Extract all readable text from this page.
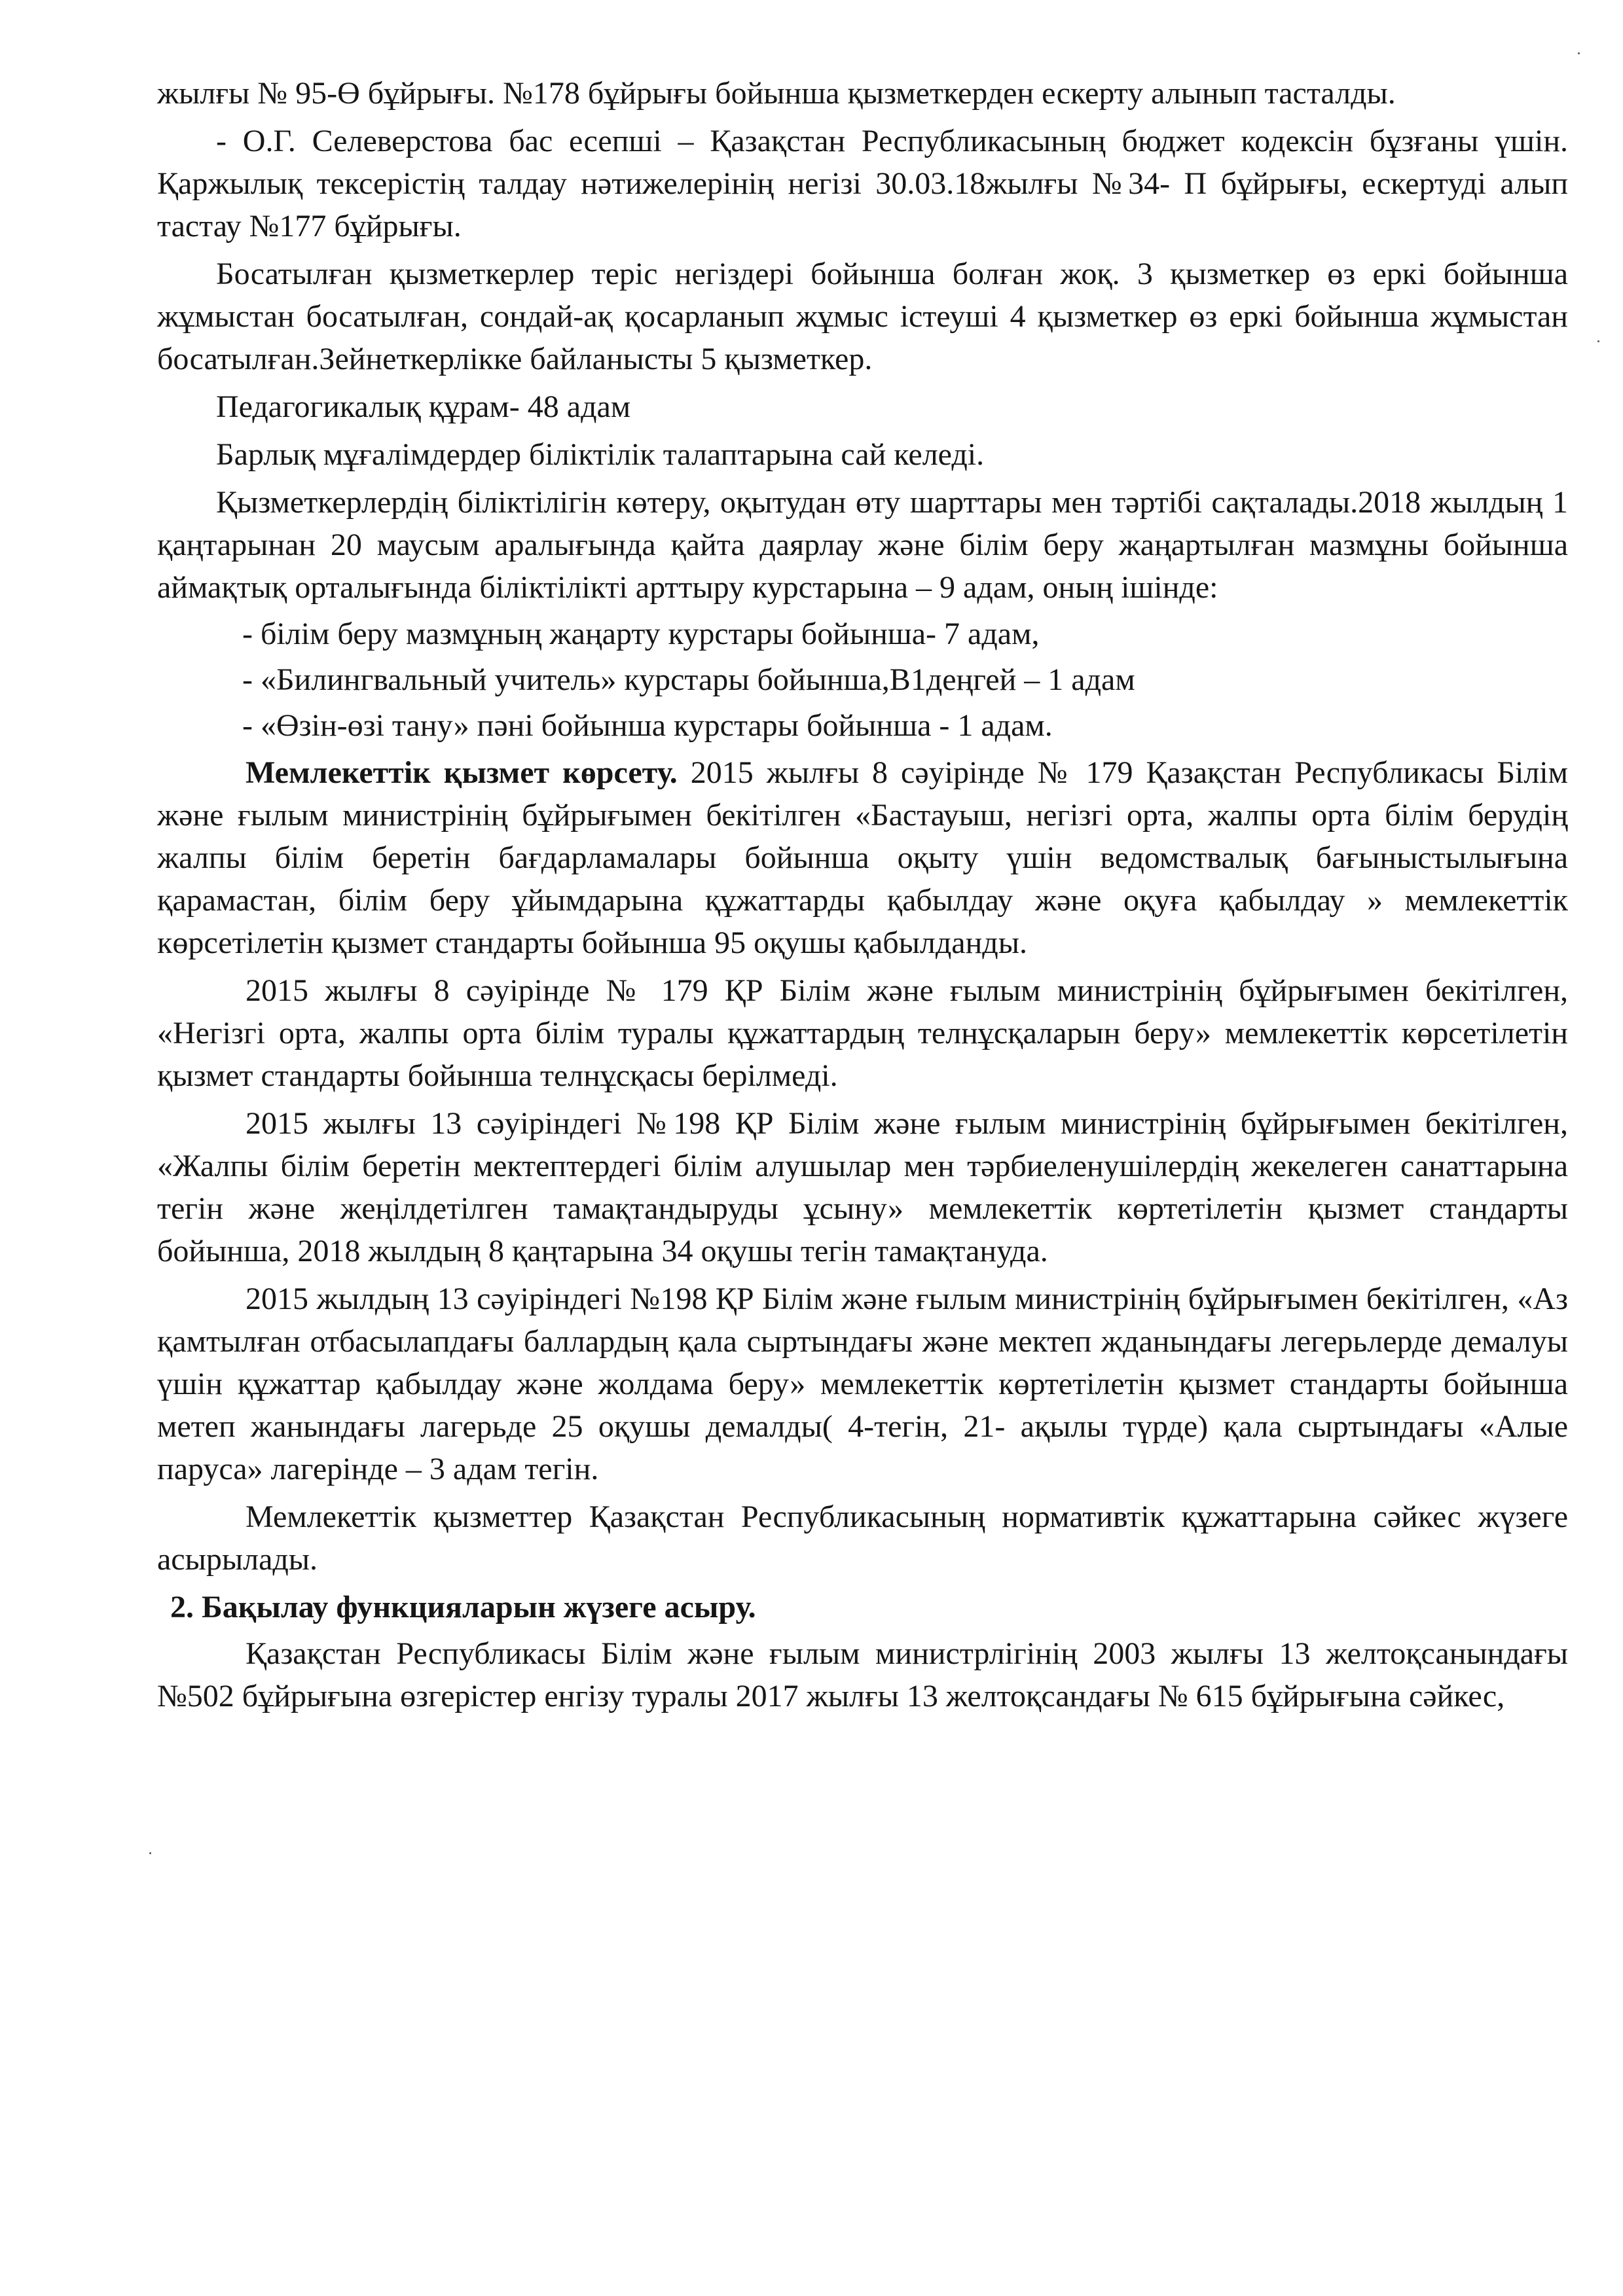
жылғы № 95-Ө бұйрығы. №178 бұйрығы бойынша қызметкерден ескерту алынып тасталды.

- О.Г. Селеверстова бас есепші – Қазақстан Республикасының бюджет кодексін бұзғаны үшін. Қаржылық тексерістің талдау нәтижелерінің негізі 30.03.18жылғы №34- П бұйрығы, ескертуді алып тастау №177 бұйрығы.

Босатылған қызметкерлер теріс негіздері бойынша болған жоқ. 3 қызметкер өз еркі бойынша жұмыстан босатылған, сондай-ақ қосарланып жұмыс істеуші 4 қызметкер өз еркі бойынша жұмыстан босатылған.Зейнеткерлікке байланысты 5 қызметкер.

Педагогикалық құрам- 48 адам

Барлық мұғалімдердер біліктілік талаптарына сай келеді.

Қызметкерлердің біліктілігін көтеру, оқытудан өту шарттары мен тәртібі сақталады.2018 жылдың 1 қаңтарынан 20 маусым аралығында қайта даярлау және білім беру жаңартылған мазмұны бойынша аймақтық орталығында біліктілікті арттыру курстарына – 9 адам, оның ішінде:

- білім беру мазмұның жаңарту курстары бойынша- 7 адам,

- «Билингвальный учитель» курстары бойынша,В1деңгей – 1 адам

- «Өзін-өзі тану» пәні бойынша курстары бойынша - 1 адам.

Мемлекеттік қызмет көрсету. 2015 жылғы 8 сәуірінде № 179 Қазақстан Республикасы Білім және ғылым министрінің бұйрығымен бекітілген «Бастауыш, негізгі орта, жалпы орта білім берудің жалпы білім беретін бағдарламалары бойынша оқыту үшін ведомствалық бағыныстылығына қарамастан, білім беру ұйымдарына құжаттарды қабылдау және оқуға қабылдау » мемлекеттік көрсетілетін қызмет стандарты бойынша 95 оқушы қабылданды.

2015 жылғы 8 сәуірінде № 179 ҚР Білім және ғылым министрінің бұйрығымен бекітілген, «Негізгі орта, жалпы орта білім туралы құжаттардың телнұсқаларын беру» мемлекеттік көрсетілетін қызмет стандарты бойынша телнұсқасы берілмеді.

2015 жылғы 13 сәуіріндегі №198 ҚР Білім және ғылым министрінің бұйрығымен бекітілген, «Жалпы білім беретін мектептердегі білім алушылар мен тәрбиеленушілердің жекелеген санаттарына тегін және жеңілдетілген тамақтандыруды ұсыну» мемлекеттік көртетілетін қызмет стандарты бойынша, 2018 жылдың 8 қаңтарына 34 оқушы тегін тамақтануда.

2015 жылдың 13 сәуіріндегі №198 ҚР Білім және ғылым министрінің бұйрығымен бекітілген, «Аз қамтылған отбасылапдағы баллардың қала сыртындағы және мектеп жданындағы легерьлерде демалуы үшін құжаттар қабылдау және жолдама беру» мемлекеттік көртетілетін қызмет стандарты бойынша метеп жанындағы лагерьде 25 оқушы демалды( 4-тегін, 21- ақылы түрде) қала сыртындағы «Алые паруса» лагерінде – 3 адам тегін.

Мемлекеттік қызметтер Қазақстан Республикасының нормативтік құжаттарына сәйкес жүзеге асырылады.

2. Бақылау функцияларын жүзеге асыру.

Қазақстан Республикасы Білім және ғылым министрлігінің 2003 жылғы 13 желтоқсанындағы №502 бұйрығына өзгерістер енгізу туралы 2017 жылғы 13 желтоқсандағы № 615 бұйрығына сәйкес,
